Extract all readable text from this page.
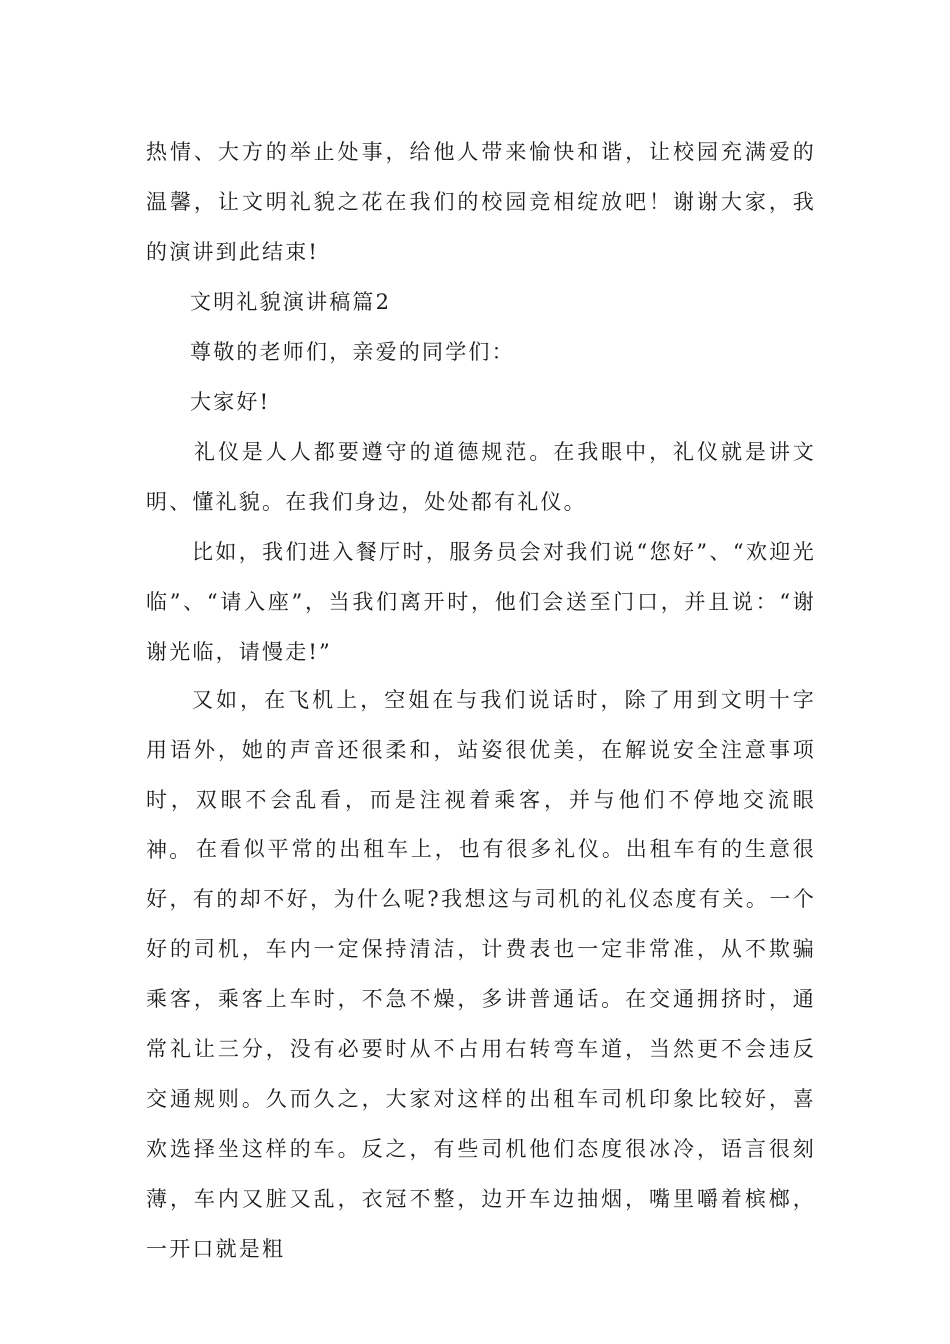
热情、大方的举止处事，给他人带来愉快和谐，让校园充满爱的温馨，让文明礼貌之花在我们的校园竞相绽放吧！谢谢大家，我的演讲到此结束!
文明礼貌演讲稿篇2
尊敬的老师们，亲爱的同学们：
大家好!
礼仪是人人都要遵守的道德规范。在我眼中，礼仪就是讲文明、懂礼貌。在我们身边，处处都有礼仪。
比如，我们进入餐厅时，服务员会对我们说“您好”、“欢迎光临”、“请入座”，当我们离开时，他们会送至门口，并且说：“谢谢光临，请慢走!”
又如，在飞机上，空姐在与我们说话时，除了用到文明十字用语外，她的声音还很柔和，站姿很优美，在解说安全注意事项时，双眼不会乱看，而是注视着乘客，并与他们不停地交流眼神。 在看似平常的出租车上，也有很多礼仪。出租车有的生意很好，有的却不好，为什么呢?我想这与司机的礼仪态度有关。一个好的司机，车内一定保持清洁，计费表也一定非常准，从不欺骗乘客，乘客上车时，不急不燥，多讲普通话。在交通拥挤时，通常礼让三分，没有必要时从不占用右转弯车道，当然更不会违反交通规则。久而久之，大家对这样的出租车司机印象比较好，喜欢选择坐这样的车。反之，有些司机他们态度很冰冷，语言很刻薄，车内又脏又乱，衣冠不整，边开车边抽烟，嘴里嚼着槟榔，一开口就是粗
